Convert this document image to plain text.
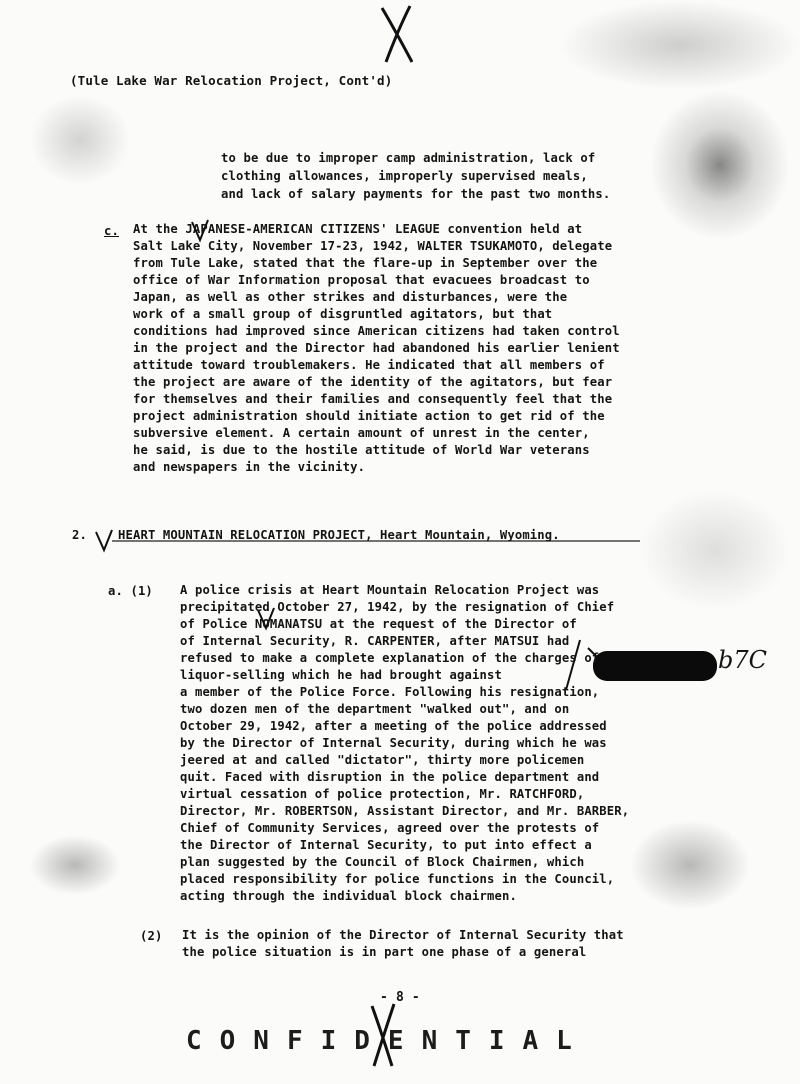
b7C
(Tule Lake War Relocation Project, Cont'd)
to be due to improper camp administration, lack of
clothing allowances, improperly supervised meals,
and lack of salary payments for the past two months.
c. At the JAPANESE-AMERICAN CITIZENS' LEAGUE convention held at
Salt Lake City, November 17-23, 1942, WALTER TSUKAMOTO, delegate
from Tule Lake, stated that the flare-up in September over the
office of War Information proposal that evacuees broadcast to
Japan, as well as other strikes and disturbances, were the
work of a small group of disgruntled agitators, but that
conditions had improved since American citizens had taken control
in the project and the Director had abandoned his earlier lenient
attitude toward troublemakers. He indicated that all members of
the project are aware of the identity of the agitators, but fear
for themselves and their families and consequently feel that the
project administration should initiate action to get rid of the
subversive element. A certain amount of unrest in the center,
he said, is due to the hostile attitude of World War veterans
and newspapers in the vicinity.
2.	HEART MOUNTAIN RELOCATION PROJECT, Heart Mountain, Wyoming.
a. (1) A police crisis at Heart Mountain Relocation Project was
precipitated October 27, 1942, by the resignation of Chief
of Police NOMANATSU at the request of the Director of
of Internal Security, R. CARPENTER, after MATSUI had
refused to make a complete explanation of the charges of
liquor-selling which he had brought against
a member of the Police Force. Following his resignation,
two dozen men of the department "walked out", and on
October 29, 1942, after a meeting of the police addressed
by the Director of Internal Security, during which he was
jeered at and called "dictator", thirty more policemen
quit. Faced with disruption in the police department and
virtual cessation of police protection, Mr. RATCHFORD,
Director, Mr. ROBERTSON, Assistant Director, and Mr. BARBER,
Chief of Community Services, agreed over the protests of
the Director of Internal Security, to put into effect a
plan suggested by the Council of Block Chairmen, which
placed responsibility for police functions in the Council,
acting through the individual block chairmen.
(2) It is the opinion of the Director of Internal Security that
the police situation is in part one phase of a general
- 8 -
CONFIDENTIAL
